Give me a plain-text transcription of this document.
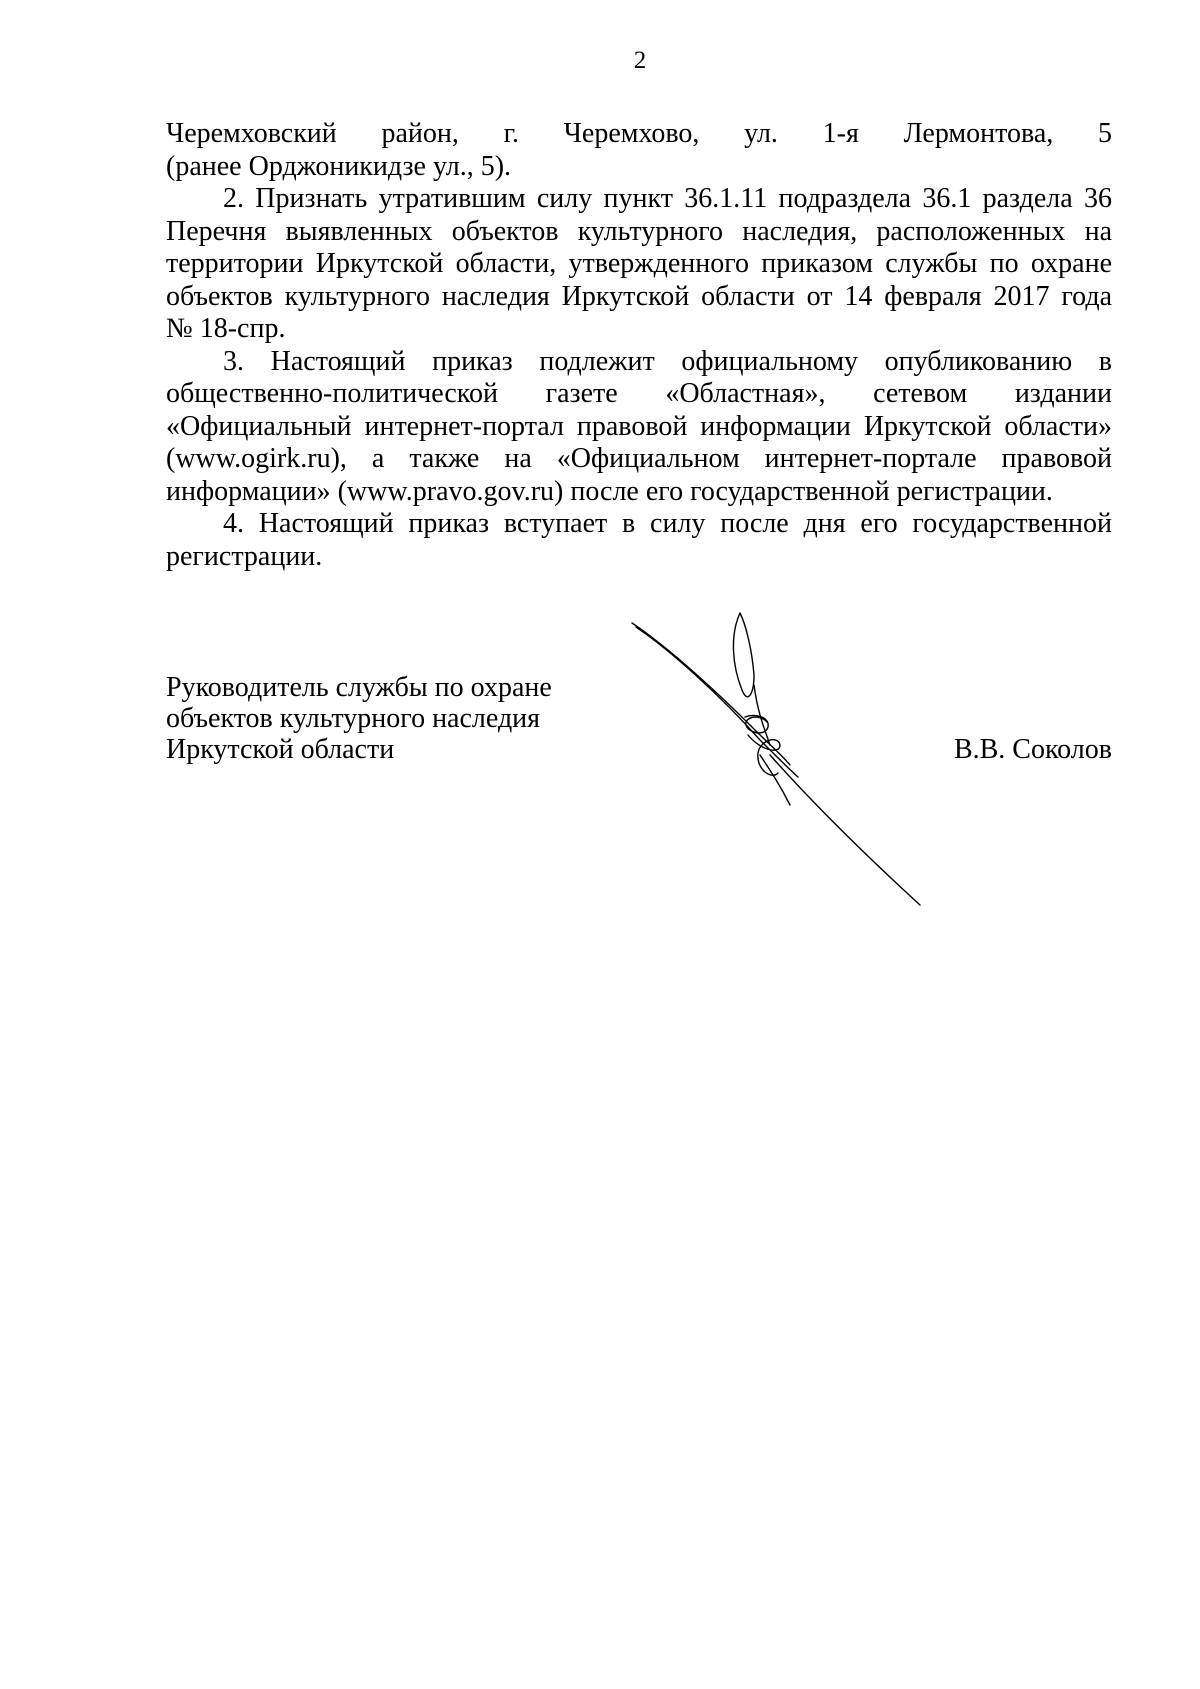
2

Черемховский район, г. Черемхово, ул. 1-я Лермонтова, 5

(ранее Орджоникидзе ул., 5).

2. Признать утратившим силу пункт 36.1.11 подраздела 36.1 раздела 36

Перечня выявленных объектов культурного наследия, расположенных на

территории Иркутской области, утвержденного приказом службы по охране

объектов культурного наследия Иркутской области от 14 февраля 2017 года

№ 18-спр.

3. Настоящий приказ подлежит официальному опубликованию в

общественно-политической газете «Областная», сетевом издании

«Официальный интернет-портал правовой информации Иркутской области»

(www.ogirk.ru), а также на «Официальном интернет-портале правовой

информации» (www.pravo.gov.ru) после его государственной регистрации.

4. Настоящий приказ вступает в силу после дня его государственной

регистрации.

Руководитель службы по охране
объектов культурного наследия
Иркутской области	В.В. Соколов
